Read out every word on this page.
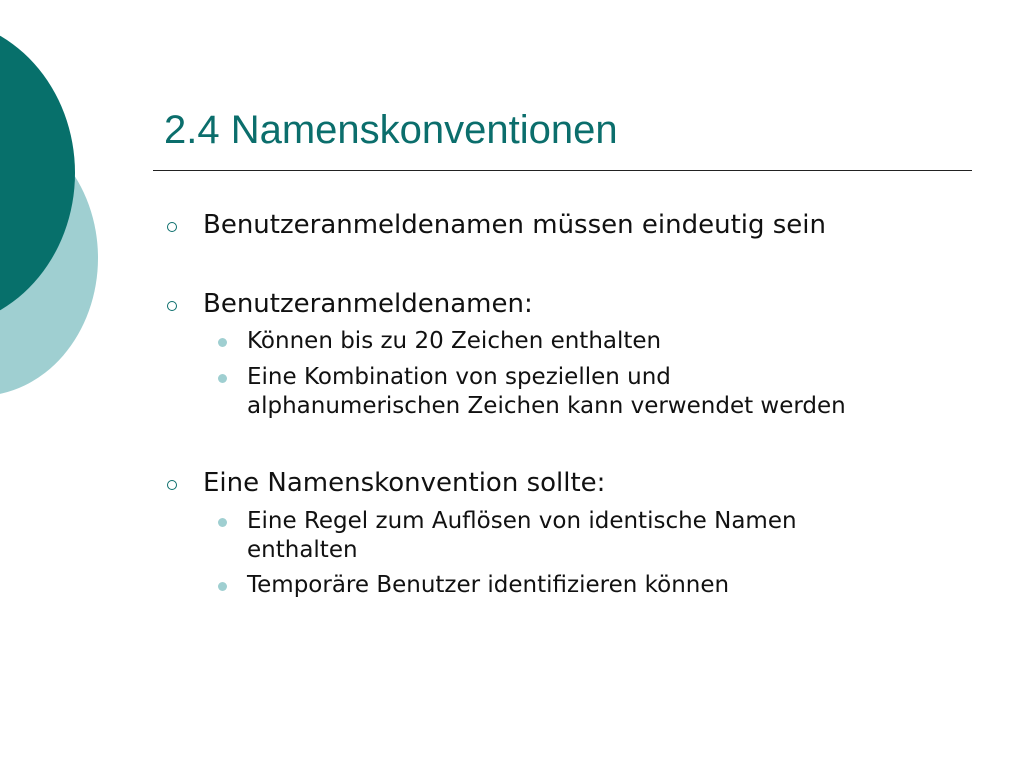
2.4 Namenskonventionen
Benutzeranmeldenamen müssen eindeutig sein
Benutzeranmeldenamen:
Können bis zu 20 Zeichen enthalten
Eine Kombination von speziellen und
alphanumerischen Zeichen kann verwendet werden
Eine Namenskonvention sollte:
Eine Regel zum Auflösen von identische Namen
enthalten
Temporäre Benutzer identifizieren können
